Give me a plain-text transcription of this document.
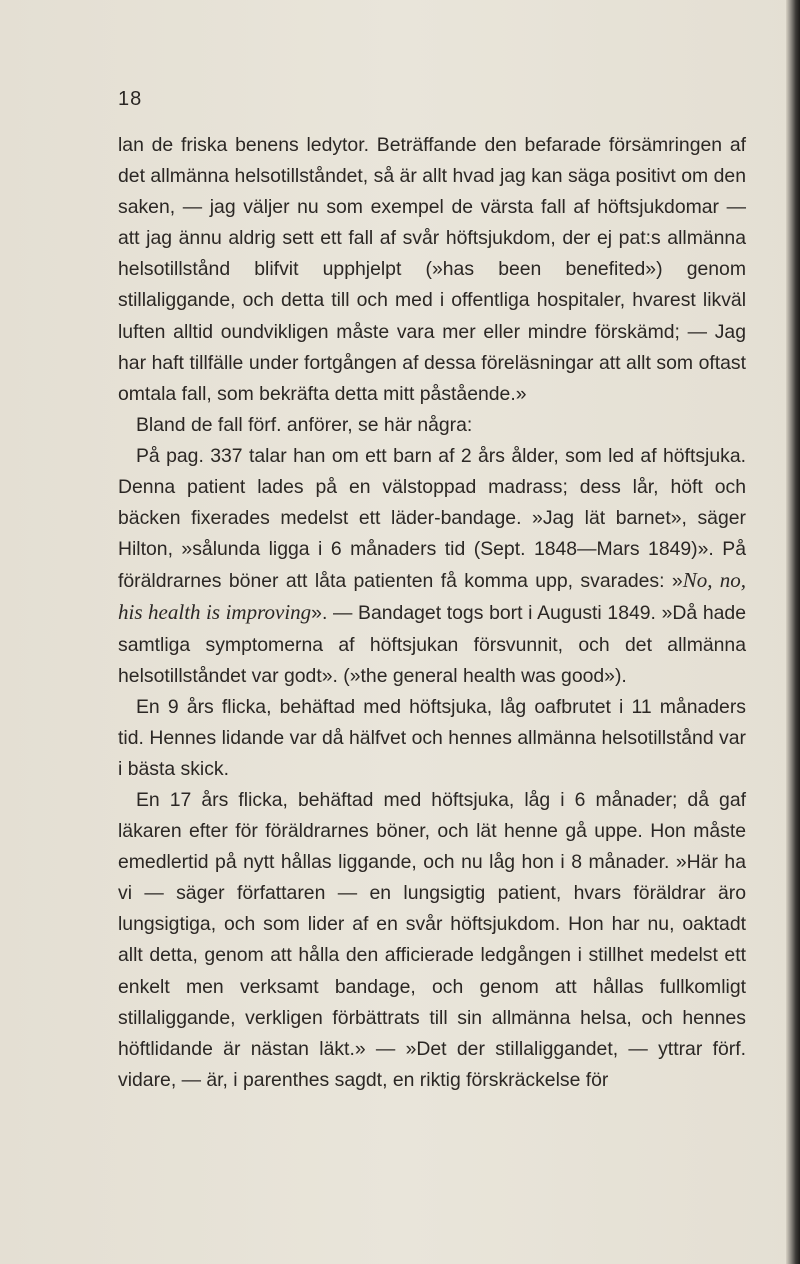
18
lan de friska benens ledytor. Beträffande den befarade försämringen af det allmänna helsotillståndet, så är allt hvad jag kan säga positivt om den saken, — jag väljer nu som exempel de värsta fall af höftsjukdomar — att jag ännu aldrig sett ett fall af svår höftsjukdom, der ej pat:s allmänna helsotillstånd blifvit upphjelpt (»has been benefited») genom stillaliggande, och detta till och med i offentliga hospitaler, hvarest likväl luften alltid oundvikligen måste vara mer eller mindre förskämd; — Jag har haft tillfälle under fortgången af dessa föreläsningar att allt som oftast omtala fall, som bekräfta detta mitt påstående.»
Bland de fall förf. anförer, se här några:
På pag. 337 talar han om ett barn af 2 års ålder, som led af höftsjuka. Denna patient lades på en välstoppad madrass; dess lår, höft och bäcken fixerades medelst ett läder-bandage. »Jag lät barnet», säger Hilton, »sålunda ligga i 6 månaders tid (Sept. 1848—Mars 1849)». På föräldrarnes böner att låta patienten få komma upp, svarades: »No, no, his health is improving». — Bandaget togs bort i Augusti 1849. »Då hade samtliga symptomerna af höftsjukan försvunnit, och det allmänna helsotillståndet var godt». (»the general health was good»).
En 9 års flicka, behäftad med höftsjuka, låg oafbrutet i 11 månaders tid. Hennes lidande var då hälfvet och hennes allmänna helsotillstånd var i bästa skick.
En 17 års flicka, behäftad med höftsjuka, låg i 6 månader; då gaf läkaren efter för föräldrarnes böner, och lät henne gå uppe. Hon måste emedlertid på nytt hållas liggande, och nu låg hon i 8 månader. »Här ha vi — säger författaren — en lungsigtig patient, hvars föräldrar äro lungsigtiga, och som lider af en svår höftsjukdom. Hon har nu, oaktadt allt detta, genom att hålla den afficierade ledgången i stillhet medelst ett enkelt men verksamt bandage, och genom att hållas fullkomligt stillaliggande, verkligen förbättrats till sin allmänna helsa, och hennes höftlidande är nästan läkt.» — »Det der stillaliggandet, — yttrar förf. vidare, — är, i parenthes sagdt, en riktig förskräckelse för
